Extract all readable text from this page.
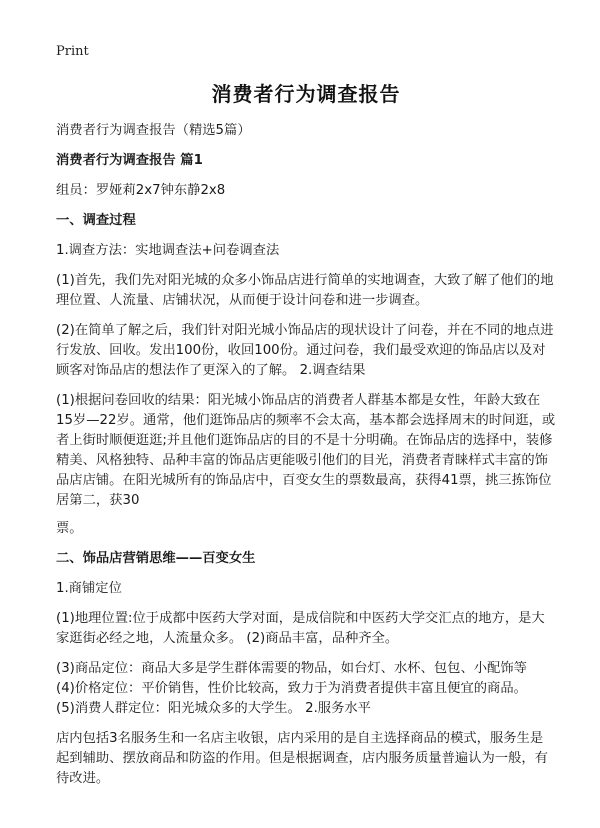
Print
消费者行为调查报告

消费者行为调查报告（精选5篇）

消费者行为调查报告 篇1

组员：罗娅莉2x7钟东静2x8

一、调查过程

1.调查方法：实地调查法+问卷调查法

(1)首先，我们先对阳光城的众多小饰品店进行简单的实地调查，大致了解了他们的地理位置、人流量、店铺状况，从而便于设计问卷和进一步调查。

(2)在简单了解之后，我们针对阳光城小饰品店的现状设计了问卷，并在不同的地点进行发放、回收。发出100份，收回100份。通过问卷，我们最受欢迎的饰品店以及对顾客对饰品店的想法作了更深入的了解。 2.调查结果

(1)根据问卷回收的结果：阳光城小饰品店的消费者人群基本都是女性，年龄大致在15岁—22岁。通常，他们逛饰品店的频率不会太高，基本都会选择周末的时间逛，或者上街时顺便逛逛;并且他们逛饰品店的目的不是十分明确。在饰品店的选择中，装修精美、风格独特、品种丰富的饰品店更能吸引他们的目光，消费者青睐样式丰富的饰品店店铺。在阳光城所有的饰品店中，百变女生的票数最高，获得41票，挑三拣饰位居第二，获30

票。

二、饰品店营销思维——百变女生

1.商铺定位

(1)地理位置:位于成都中医药大学对面，是成信院和中医药大学交汇点的地方，是大家逛街必经之地，人流量众多。 (2)商品丰富，品种齐全。

(3)商品定位：商品大多是学生群体需要的物品，如台灯、水杯、包包、小配饰等
(4)价格定位：平价销售，性价比较高，致力于为消费者提供丰富且便宜的商品。
(5)消费人群定位：阳光城众多的大学生。 2.服务水平

店内包括3名服务生和一名店主收银，店内采用的是自主选择商品的模式，服务生是起到辅助、摆放商品和防盗的作用。但是根据调查，店内服务质量普遍认为一般，有待改进。
